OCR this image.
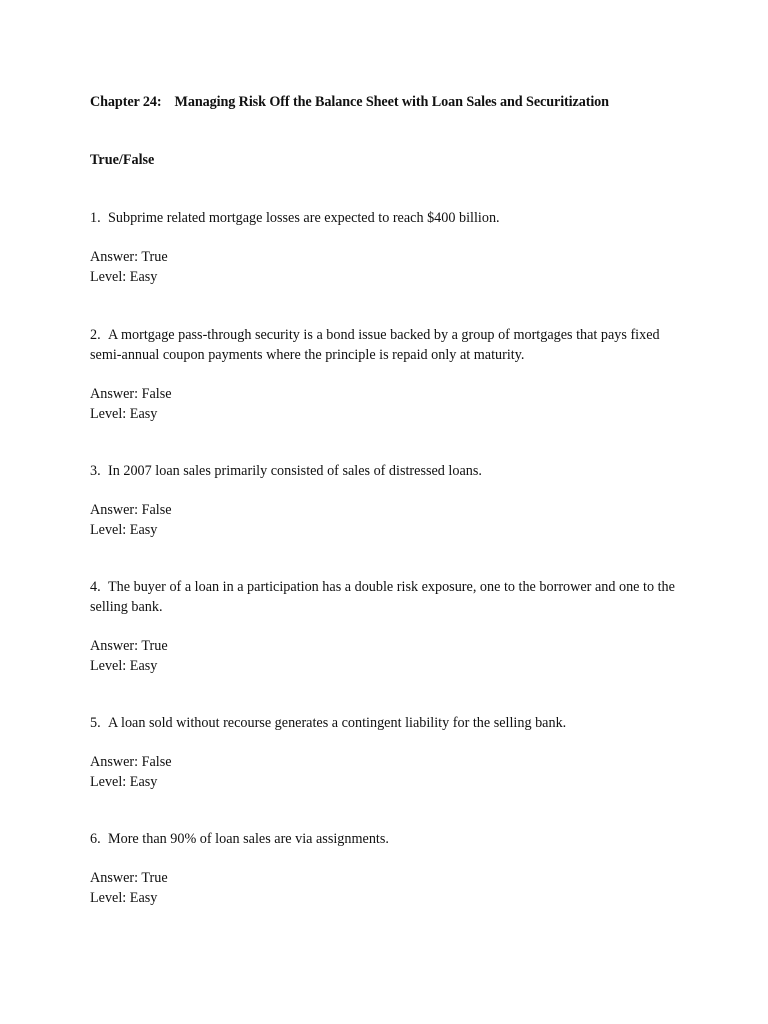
Chapter 24: Managing Risk Off the Balance Sheet with Loan Sales and Securitization
True/False
1. Subprime related mortgage losses are expected to reach $400 billion.
Answer: True
Level: Easy
2. A mortgage pass-through security is a bond issue backed by a group of mortgages that pays fixed semi-annual coupon payments where the principle is repaid only at maturity.
Answer: False
Level: Easy
3. In 2007 loan sales primarily consisted of sales of distressed loans.
Answer: False
Level: Easy
4. The buyer of a loan in a participation has a double risk exposure, one to the borrower and one to the selling bank.
Answer: True
Level: Easy
5. A loan sold without recourse generates a contingent liability for the selling bank.
Answer: False
Level: Easy
6. More than 90% of loan sales are via assignments.
Answer: True
Level: Easy
